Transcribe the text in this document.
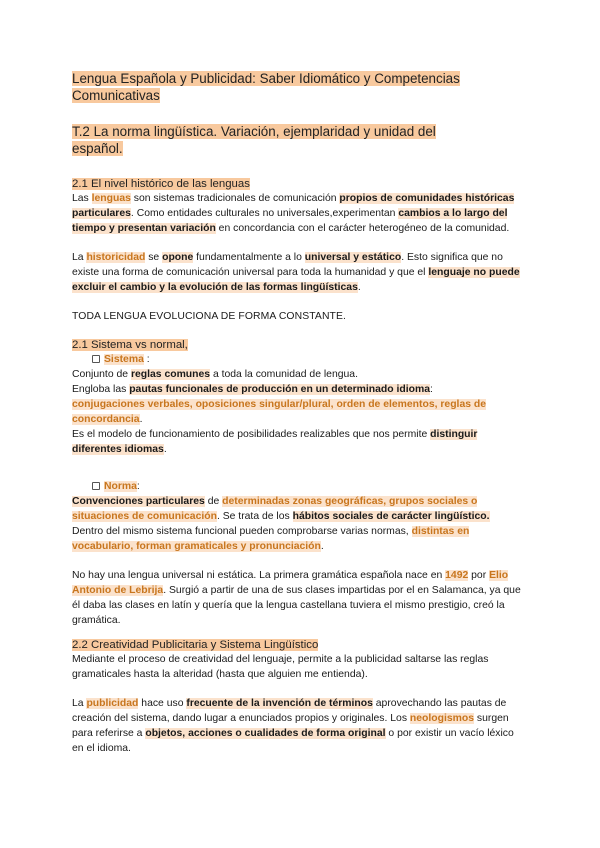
Lengua Española y Publicidad: Saber Idiomático y Competencias
Comunicativas
T.2 La norma lingüística. Variación, ejemplaridad y unidad del
español.
2.1 El nivel histórico de las lenguas

Las lenguas son sistemas tradicionales de comunicación propios de comunidades históricas particulares. Como entidades culturales no universales,experimentan cambios a lo largo del tiempo y presentan variación en concordancia con el carácter heterogéneo de la comunidad.

La historicidad se opone fundamentalmente a lo universal y estático. Esto significa que no existe una forma de comunicación universal para toda la humanidad y que el lenguaje no puede excluir el cambio y la evolución de las formas lingüísticas.

TODA LENGUA EVOLUCIONA DE FORMA CONSTANTE.

2.1 Sistema vs normal,

Sistema :

Conjunto de reglas comunes a toda la comunidad de lengua.

Engloba las pautas funcionales de producción en un determinado idioma:

conjugaciones verbales, oposiciones singular/plural, orden de elementos, reglas de concordancia.

Es el modelo de funcionamiento de posibilidades realizables que nos permite distinguir diferentes idiomas.

Norma:

Convenciones particulares de determinadas zonas geográficas, grupos sociales o situaciones de comunicación. Se trata de los hábitos sociales de carácter lingüístico.

Dentro del mismo sistema funcional pueden comprobarse varias normas, distintas en vocabulario, forman gramaticales y pronunciación.

No hay una lengua universal ni estática. La primera gramática española nace en 1492 por Elio Antonio de Lebrija. Surgió a partir de una de sus clases impartidas por el en Salamanca, ya que él daba las clases en latín y quería que la lengua castellana tuviera el mismo prestigio, creó la gramática.

2.2 Creatividad Publicitaria y Sistema Lingüístico

Mediante el proceso de creatividad del lenguaje, permite a la publicidad saltarse las reglas gramaticales hasta la alteridad (hasta que alguien me entienda).

La publicidad hace uso frecuente de la invención de términos aprovechando las pautas de creación del sistema, dando lugar a enunciados propios y originales. Los neologismos surgen para referirse a objetos, acciones o cualidades de forma original o por existir un vacío léxico en el idioma.
